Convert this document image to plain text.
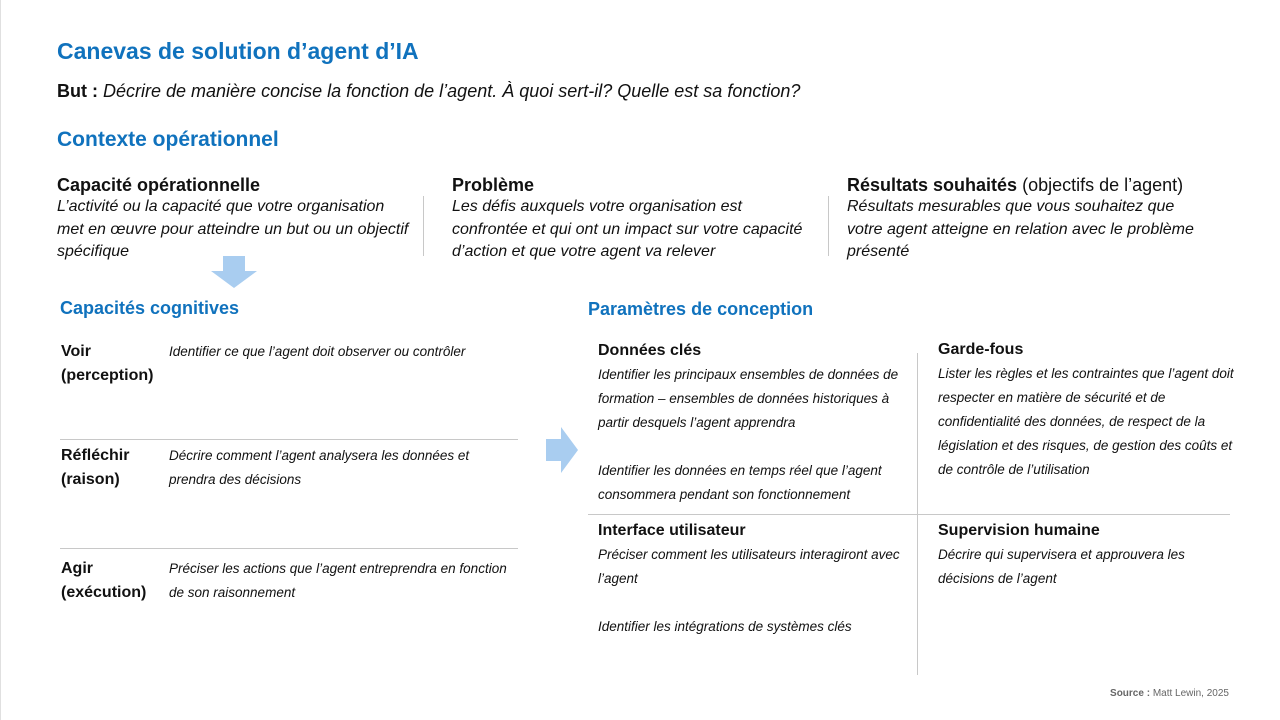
Canevas de solution d’agent d’IA
But : Décrire de manière concise la fonction de l’agent. À quoi sert-il? Quelle est sa fonction?
Contexte opérationnel
Capacité opérationnelle
L’activité ou la capacité que votre organisation met en œuvre pour atteindre un but ou un objectif spécifique
Problème
Les défis auxquels votre organisation est confrontée et qui ont un impact sur votre capacité d’action et que votre agent va relever
Résultats souhaités (objectifs de l’agent)
Résultats mesurables que vous souhaitez que votre agent atteigne en relation avec le problème présenté
Capacités cognitives
Voir
(perception)
Identifier ce que l’agent doit observer ou contrôler
Réfléchir
(raison)
Décrire comment l’agent analysera les données et prendra des décisions
Agir
(exécution)
Préciser les actions que l’agent entreprendra en fonction de son raisonnement
Paramètres de conception
Données clés

Identifier les principaux ensembles de données de formation – ensembles de données historiques à partir desquels l’agent apprendra

Identifier les données en temps réel que l’agent consommera pendant son fonctionnement

Garde-fous

Lister les règles et les contraintes que l’agent doit respecter en matière de sécurité et de confidentialité des données, de respect de la législation et des risques, de gestion des coûts et de contrôle de l’utilisation

Interface utilisateur

Préciser comment les utilisateurs interagiront avec l’agent

Identifier les intégrations de systèmes clés

Supervision humaine

Décrire qui supervisera et approuvera les décisions de l’agent

Source : Matt Lewin, 2025
